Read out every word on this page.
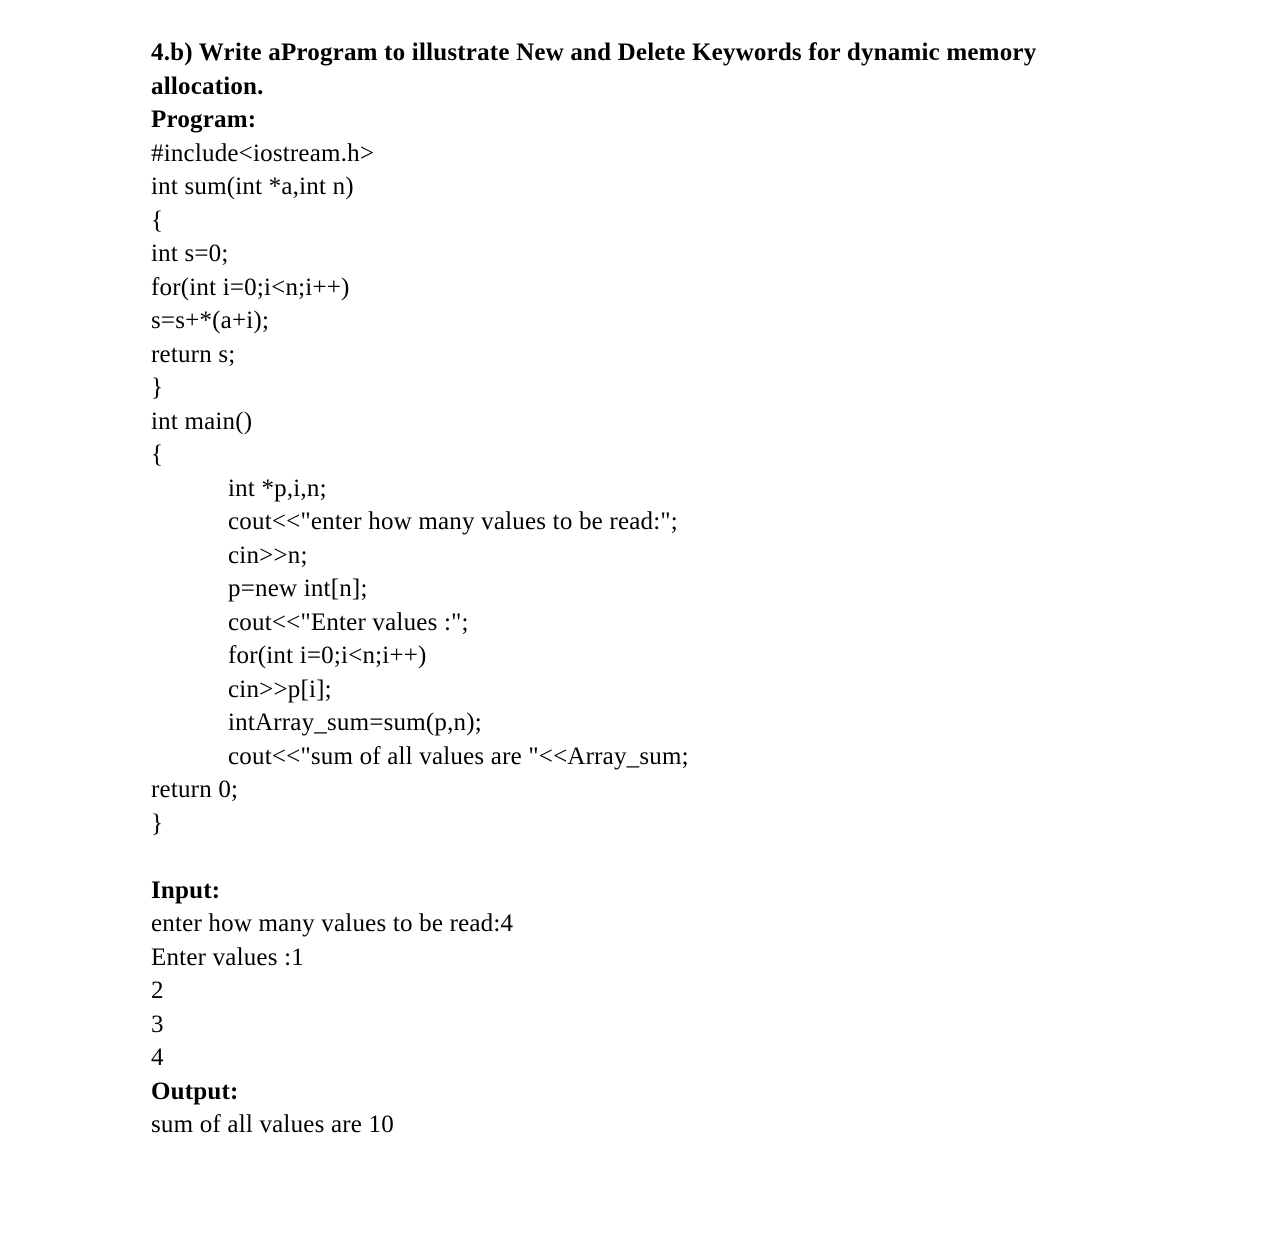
4.b) Write aProgram to illustrate New and Delete Keywords for dynamic memory
allocation.
Program:
#include<iostream.h>
int sum(int *a,int n)
{
int s=0;
for(int i=0;i<n;i++)
s=s+*(a+i);
return s;
}
int main()
{
int *p,i,n;
cout<<"enter how many values to be read:";
cin>>n;
p=new int[n];
cout<<"Enter values :";
for(int i=0;i<n;i++)
cin>>p[i];
intArray_sum=sum(p,n);
cout<<"sum of all values are "<<Array_sum;
return 0;
}
Input:
enter how many values to be read:4
Enter values :1
2
3
4
Output:
sum of all values are 10
